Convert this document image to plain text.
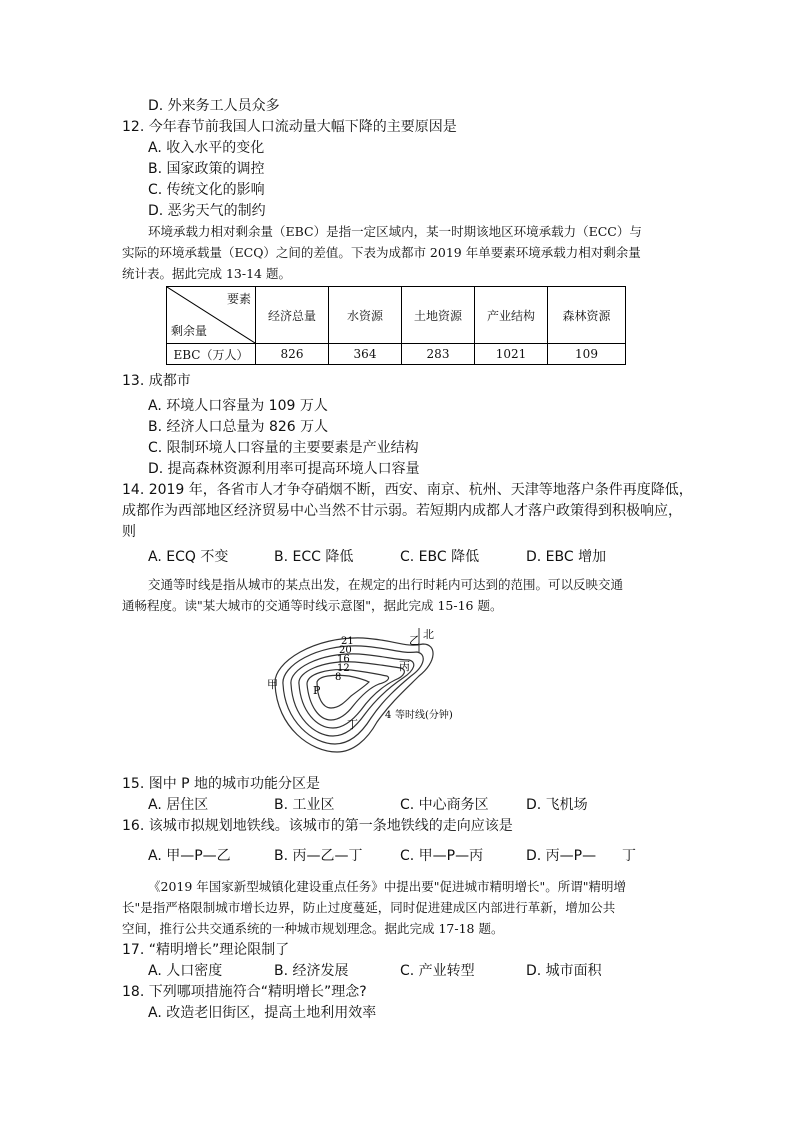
D. 外来务工人员众多
12. 今年春节前我国人口流动量大幅下降的主要原因是
A. 收入水平的变化
B. 国家政策的调控
C. 传统文化的影响
D. 恶劣天气的制约
环境承载力相对剩余量（EBC）是指一定区域内，某一时期该地区环境承载力（ECC）与
实际的环境承载量（ECQ）之间的差值。下表为成都市 2019 年单要素环境承载力相对剩余量
统计表。据此完成 13-14 题。
要素
剩余量	经济总量	水资源	土地资源	产业结构	森林资源
EBC（万人）	826	364	283	1021	109
13. 成都市
A. 环境人口容量为 109 万人
B. 经济人口总量为 826 万人
C. 限制环境人口容量的主要要素是产业结构
D. 提高森林资源利用率可提高环境人口容量
14. 2019 年，各省市人才争夺硝烟不断，西安、南京、杭州、天津等地落户条件再度降低，
成都作为西部地区经济贸易中心当然不甘示弱。若短期内成都人才落户政策得到积极响应，
则
A. ECQ 不变	B. ECC 降低	C. EBC 降低	D. EBC 增加
交通等时线是指从城市的某点出发，在规定的出行时耗内可达到的范围。可以反映交通
通畅程度。读"某大城市的交通等时线示意图"，据此完成 15-16 题。
21
20
16
12
8
P
甲
乙
丙
丁
北
4 等时线(分钟)
15. 图中 P 地的城市功能分区是
A. 居住区	B. 工业区	C. 中心商务区	D. 飞机场
16. 该城市拟规划地铁线。该城市的第一条地铁线的走向应该是
A. 甲—P—乙	B. 丙—乙—丁	C. 甲—P—丙	D. 丙—P— 丁
《2019 年国家新型城镇化建设重点任务》中提出要"促进城市精明增长"。所谓"精明增
长"是指严格限制城市增长边界，防止过度蔓延，同时促进建成区内部进行革新，增加公共
空间，推行公共交通系统的一种城市规划理念。据此完成 17-18 题。
17. “精明增长”理论限制了
A. 人口密度	B. 经济发展	C. 产业转型	D. 城市面积
18. 下列哪项措施符合“精明增长”理念?
A. 改造老旧街区，提高土地利用效率
